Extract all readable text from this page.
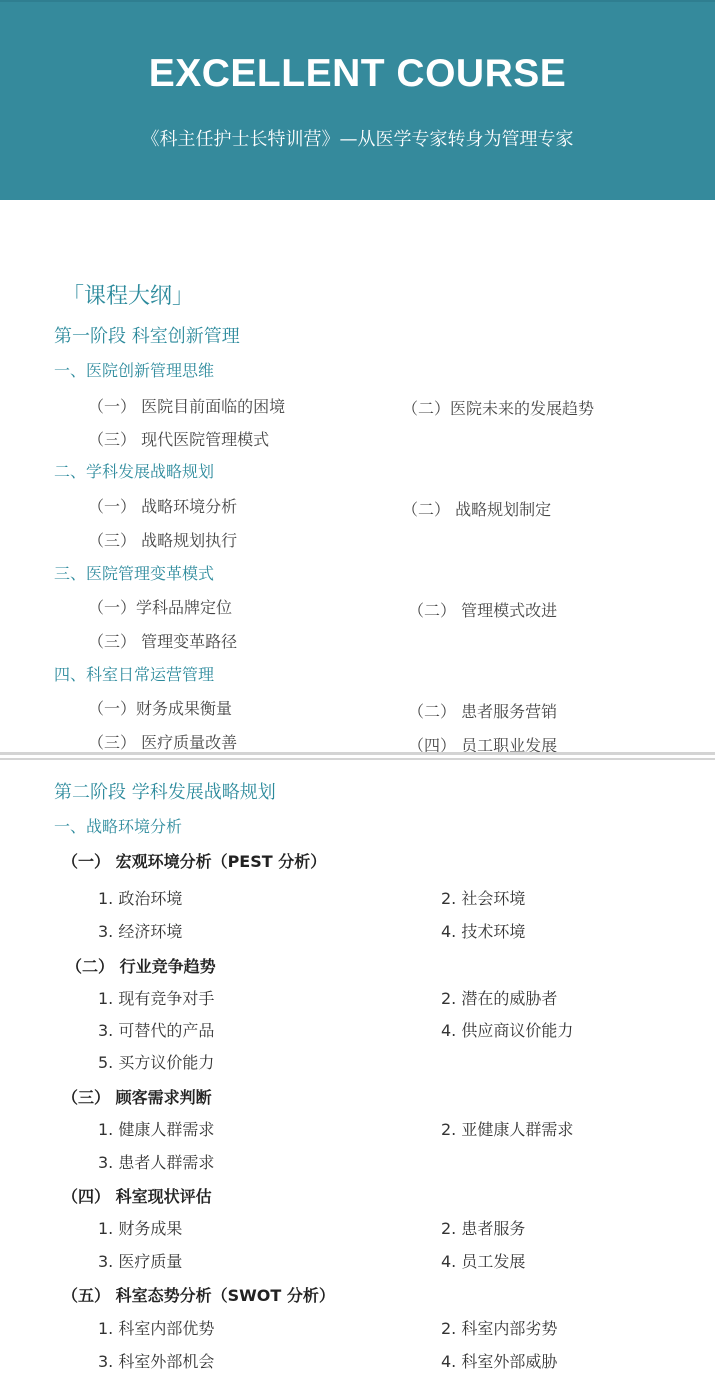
EXCELLENT COURSE
《科主任护士长特训营》—从医学专家转身为管理专家
「课程大纲」
第一阶段 科室创新管理
一、医院创新管理思维
（一） 医院目前面临的困境	（二）医院未来的发展趋势
（三） 现代医院管理模式
二、学科发展战略规划
（一） 战略环境分析	（二） 战略规划制定
（三） 战略规划执行
三、医院管理变革模式
（一）学科品牌定位	（二） 管理模式改进
（三） 管理变革路径
四、科室日常运营管理
（一）财务成果衡量	（二） 患者服务营销
（三） 医疗质量改善	（四） 员工职业发展
第二阶段 学科发展战略规划
一、战略环境分析
（一） 宏观环境分析（PEST 分析）
1. 政治环境	2. 社会环境
3. 经济环境	4. 技术环境
（二） 行业竞争趋势
1. 现有竞争对手	2. 潜在的威胁者
3. 可替代的产品	4. 供应商议价能力
5. 买方议价能力
（三） 顾客需求判断
1. 健康人群需求	2. 亚健康人群需求
3. 患者人群需求
（四） 科室现状评估
1. 财务成果	2. 患者服务
3. 医疗质量	4. 员工发展
（五） 科室态势分析（SWOT 分析）
1. 科室内部优势	2. 科室内部劣势
3. 科室外部机会	4. 科室外部威胁
